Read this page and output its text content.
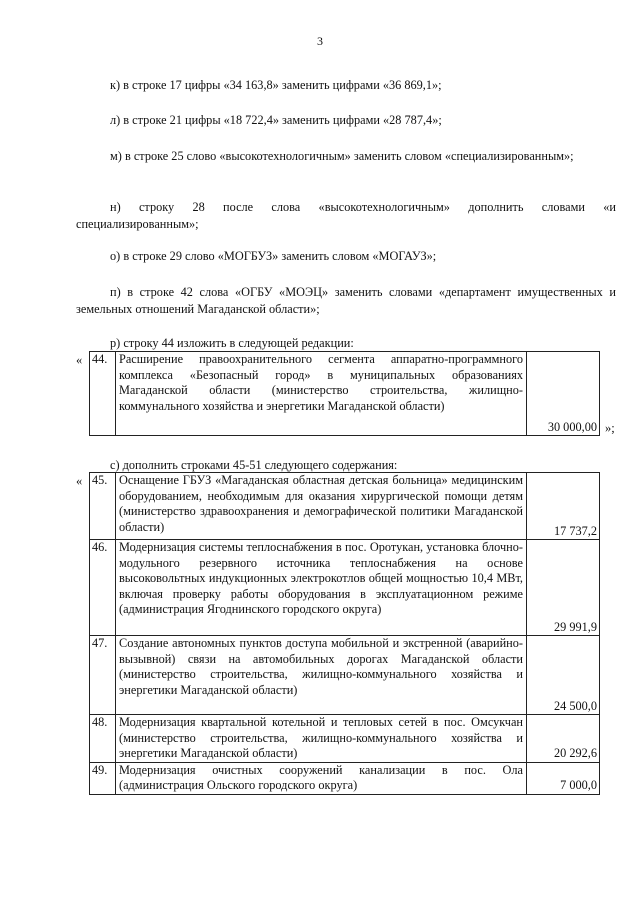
3
к) в строке 17 цифры «34 163,8» заменить цифрами «36 869,1»;
л) в строке 21 цифры «18 722,4» заменить цифрами «28 787,4»;
м) в строке 25 слово «высокотехнологичным» заменить словом «специализированным»;
н) строку 28 после слова «высокотехнологичным» дополнить словами «и специализированным»;
о) в строке 29 слово «МОГБУЗ» заменить словом «МОГАУЗ»;
п) в строке 42 слова «ОГБУ «МОЭЦ» заменить словами «департамент имущественных и земельных отношений Магаданской области»;
р) строку 44 изложить в следующей редакции:
« 44.	Расширение правоохранительного сегмента аппаратно-программного комплекса «Безопасный город» в муниципальных образованиях Магаданской области (министерство строительства, жилищно-коммунального хозяйства и энергетики Магаданской области)	30 000,00 »;
с) дополнить строками 45-51 следующего содержания:
« 45.	Оснащение ГБУЗ «Магаданская областная детская больница» медицинским оборудованием, необходимым для оказания хирургической помощи детям (министерство здравоохранения и демографической политики Магаданской области)	17 737,2
46.	Модернизация системы теплоснабжения в пос. Оротукан, установка блочно-модульного резервного источника теплоснабжения на основе высоковольтных индукционных электрокотлов общей мощностью 10,4 МВт, включая проверку работы оборудования в эксплуатационном режиме (администрация Ягоднинского городского округа)	29 991,9
47.	Создание автономных пунктов доступа мобильной и экстренной (аварийно-вызывной) связи на автомобильных дорогах Магаданской области (министерство строительства, жилищно-коммунального хозяйства и энергетики Магаданской области)	24 500,0
48.	Модернизация квартальной котельной и тепловых сетей в пос. Омсукчан (министерство строительства, жилищно-коммунального хозяйства и энергетики Магаданской области)	20 292,6
49.	Модернизация очистных сооружений канализации в пос. Ола (администрация Ольского городского округа)	7 000,0
